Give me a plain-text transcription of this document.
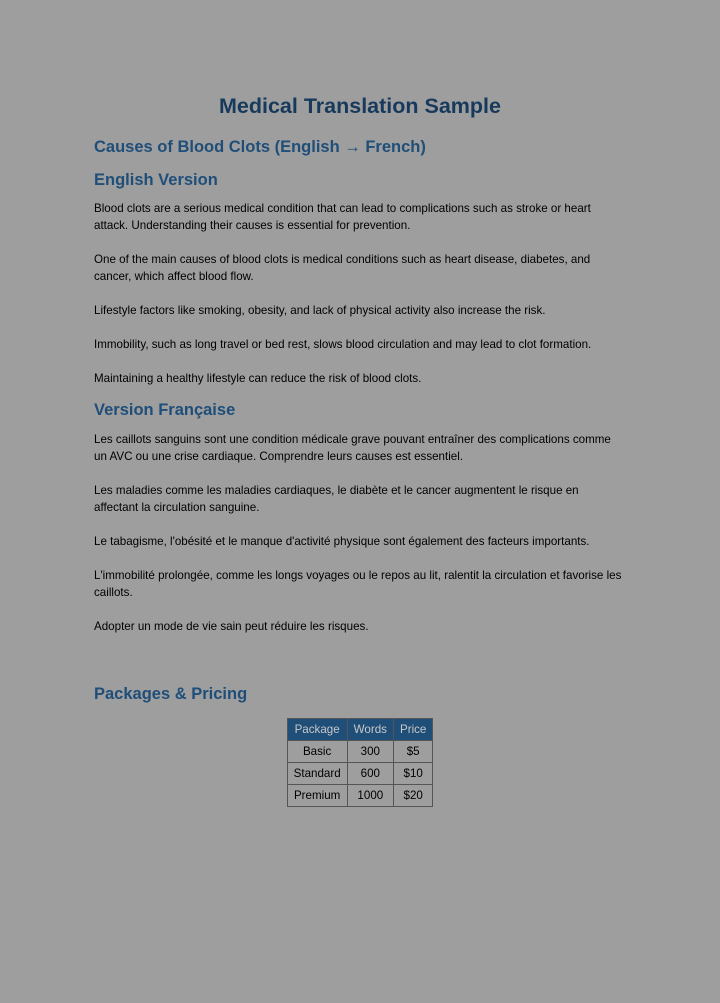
Medical Translation Sample
Causes of Blood Clots (English → French)
English Version

Blood clots are a serious medical condition that can lead to complications such as stroke or heart attack. Understanding their causes is essential for prevention.

One of the main causes of blood clots is medical conditions such as heart disease, diabetes, and cancer, which affect blood flow.

Lifestyle factors like smoking, obesity, and lack of physical activity also increase the risk.

Immobility, such as long travel or bed rest, slows blood circulation and may lead to clot formation.

Maintaining a healthy lifestyle can reduce the risk of blood clots.

Version Française

Les caillots sanguins sont une condition médicale grave pouvant entraîner des complications comme un AVC ou une crise cardiaque. Comprendre leurs causes est essentiel.

Les maladies comme les maladies cardiaques, le diabète et le cancer augmentent le risque en affectant la circulation sanguine.

Le tabagisme, l'obésité et le manque d'activité physique sont également des facteurs importants.

L'immobilité prolongée, comme les longs voyages ou le repos au lit, ralentit la circulation et favorise les caillots.

Adopter un mode de vie sain peut réduire les risques.

Packages & Pricing
Package	Words	Price
Basic	300	$5
Standard	600	$10
Premium	1000	$20
